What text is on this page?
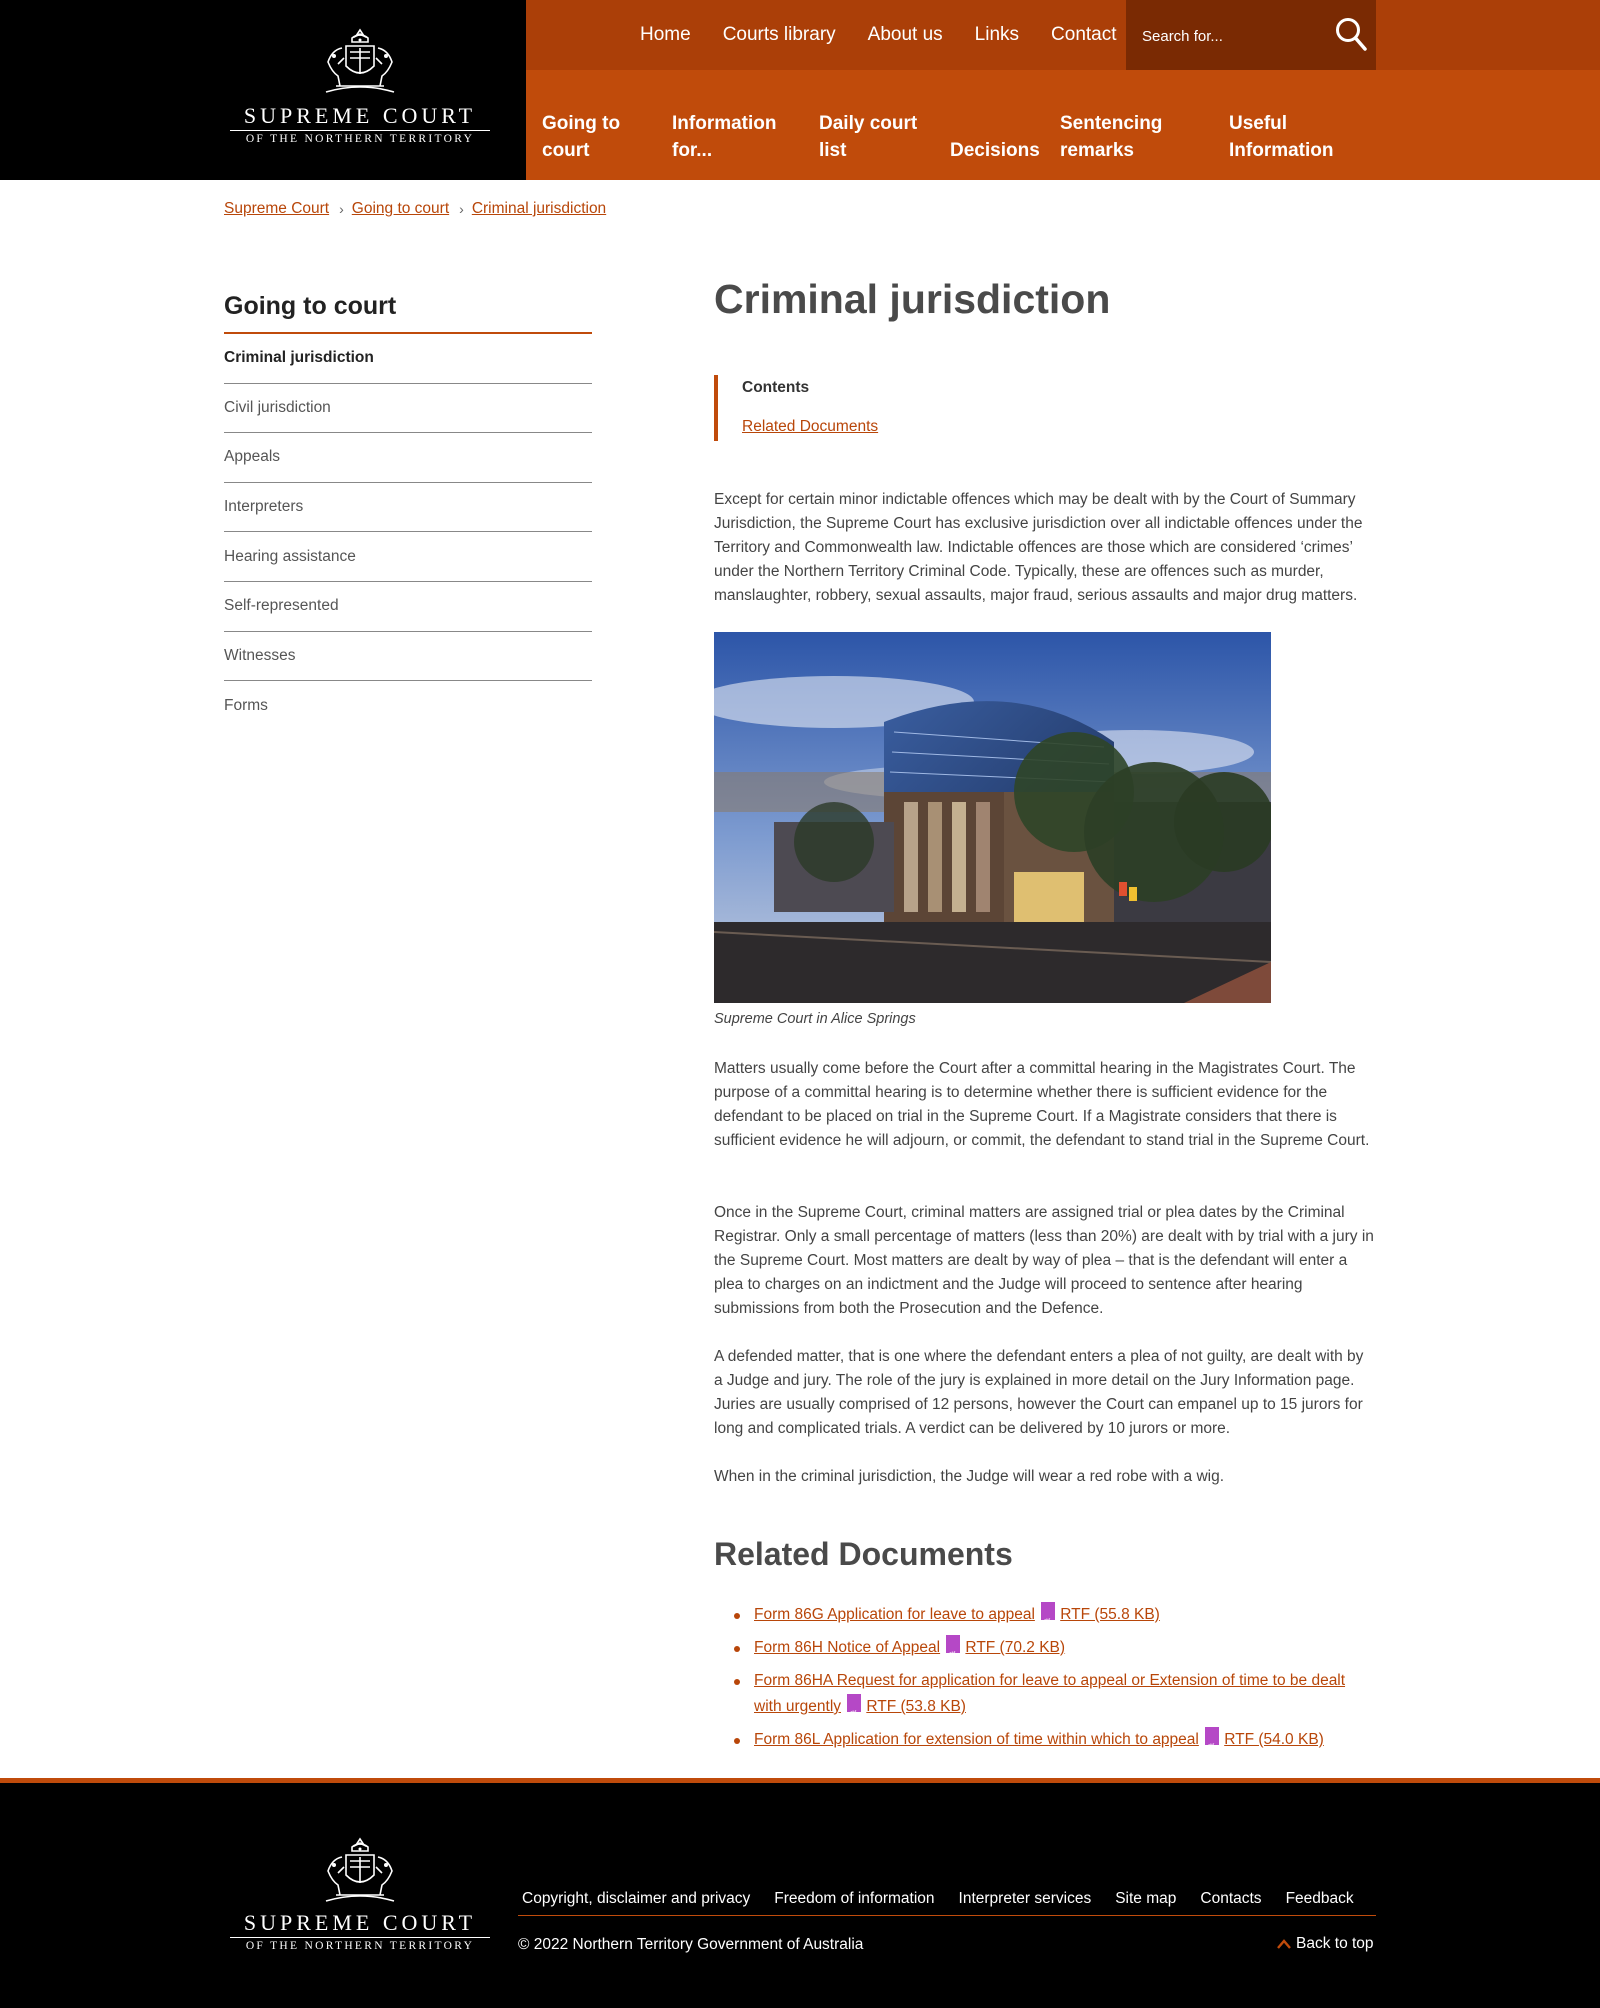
SUPREME COURT
OF THE NORTHERN TERRITORY
Home Courts library About us Links Contact
Search for...
Going to
court
Information
for...
Daily court
list	Decisions
Sentencing
remarks
Useful
Information
Supreme Court › Going to court › Criminal jurisdiction
Going to court
Criminal jurisdiction
Civil jurisdiction
Appeals
Interpreters
Hearing assistance
Self-represented
Witnesses
Forms
Criminal jurisdiction
Contents
Related Documents

Except for certain minor indictable offences which may be dealt with by the Court of Summary Jurisdiction, the Supreme Court has exclusive jurisdiction over all indictable offences under the Territory and Commonwealth law. Indictable offences are those which are considered ‘crimes’ under the Northern Territory Criminal Code. Typically, these are offences such as murder, manslaughter, robbery, sexual assaults, major fraud, serious assaults and major drug matters.

Supreme Court in Alice Springs

Matters usually come before the Court after a committal hearing in the Magistrates Court. The purpose of a committal hearing is to determine whether there is sufficient evidence for the defendant to be placed on trial in the Supreme Court. If a Magistrate considers that there is sufficient evidence he will adjourn, or commit, the defendant to stand trial in the Supreme Court.

Once in the Supreme Court, criminal matters are assigned trial or plea dates by the Criminal Registrar. Only a small percentage of matters (less than 20%) are dealt with by trial with a jury in the Supreme Court. Most matters are dealt by way of plea – that is the defendant will enter a plea to charges on an indictment and the Judge will proceed to sentence after hearing submissions from both the Prosecution and the Defence.

A defended matter, that is one where the defendant enters a plea of not guilty, are dealt with by a Judge and jury. The role of the jury is explained in more detail on the Jury Information page. Juries are usually comprised of 12 persons, however the Court can empanel up to 15 jurors for long and complicated trials. A verdict can be delivered by 10 jurors or more.

When in the criminal jurisdiction, the Judge will wear a red robe with a wig.

Related Documents
Form 86G Application for leave to appeal rtf RTF (55.8 KB)
Form 86H Notice of Appeal rtf RTF (70.2 KB)
Form 86HA Request for application for leave to appeal or Extension of time to be dealt with urgently rtf RTF (53.8 KB)
Form 86L Application for extension of time within which to appeal rtf RTF (54.0 KB)
SUPREME COURT
OF THE NORTHERN TERRITORY
Copyright, disclaimer and privacy Freedom of information Interpreter services Site map Contacts Feedback
© 2022 Northern Territory Government of Australia	Back to top
